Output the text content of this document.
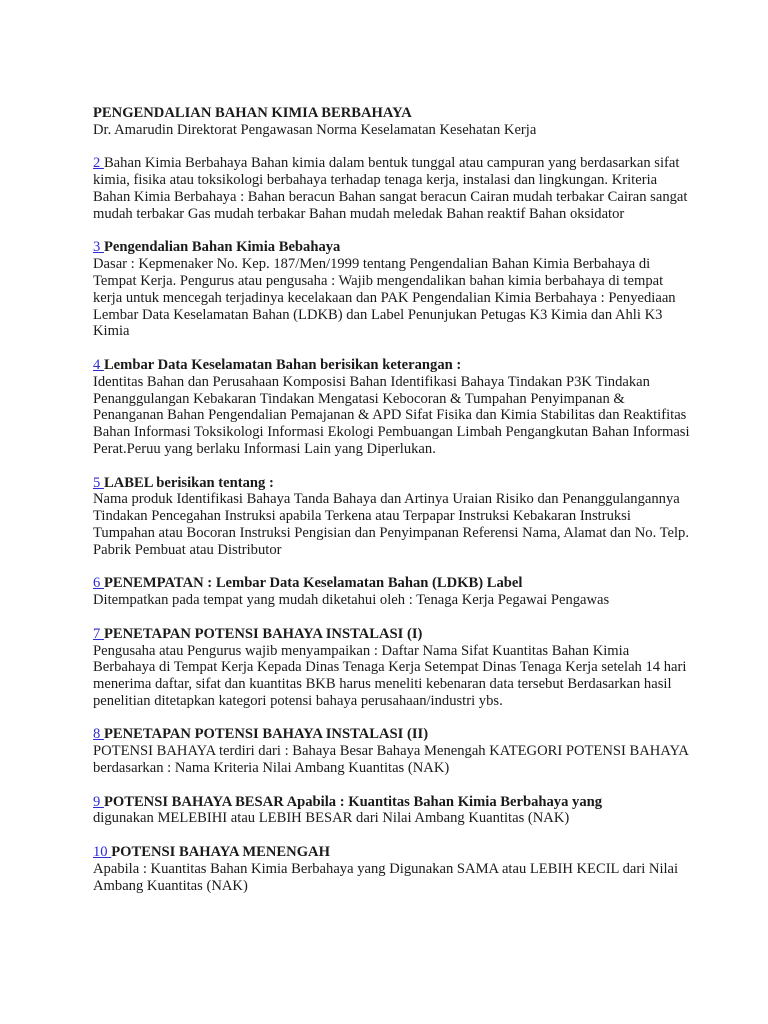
PENGENDALIAN BAHAN KIMIA BERBAHAYA

Dr. Amarudin Direktorat Pengawasan Norma Keselamatan Kesehatan Kerja

2 Bahan Kimia Berbahaya Bahan kimia dalam bentuk tunggal atau campuran yang berdasarkan sifat kimia, fisika atau toksikologi berbahaya terhadap tenaga kerja, instalasi dan lingkungan. Kriteria Bahan Kimia Berbahaya : Bahan beracun Bahan sangat beracun Cairan mudah terbakar Cairan sangat mudah terbakar Gas mudah terbakar Bahan mudah meledak Bahan reaktif Bahan oksidator

3 Pengendalian Bahan Kimia Bebahaya

Dasar : Kepmenaker No. Kep. 187/Men/1999 tentang Pengendalian Bahan Kimia Berbahaya di Tempat Kerja. Pengurus atau pengusaha : Wajib mengendalikan bahan kimia berbahaya di tempat kerja untuk mencegah terjadinya kecelakaan dan PAK Pengendalian Kimia Berbahaya : Penyediaan Lembar Data Keselamatan Bahan (LDKB) dan Label Penunjukan Petugas K3 Kimia dan Ahli K3 Kimia

4 Lembar Data Keselamatan Bahan berisikan keterangan :

Identitas Bahan dan Perusahaan Komposisi Bahan Identifikasi Bahaya Tindakan P3K Tindakan Penanggulangan Kebakaran Tindakan Mengatasi Kebocoran & Tumpahan Penyimpanan & Penanganan Bahan Pengendalian Pemajanan & APD Sifat Fisika dan Kimia Stabilitas dan Reaktifitas Bahan Informasi Toksikologi Informasi Ekologi Pembuangan Limbah Pengangkutan Bahan Informasi Perat.Peruu yang berlaku Informasi Lain yang Diperlukan.

5 LABEL berisikan tentang :

Nama produk Identifikasi Bahaya Tanda Bahaya dan Artinya Uraian Risiko dan Penanggulangannya Tindakan Pencegahan Instruksi apabila Terkena atau Terpapar Instruksi Kebakaran Instruksi Tumpahan atau Bocoran Instruksi Pengisian dan Penyimpanan Referensi Nama, Alamat dan No. Telp. Pabrik Pembuat atau Distributor

6 PENEMPATAN : Lembar Data Keselamatan Bahan (LDKB) Label

Ditempatkan pada tempat yang mudah diketahui oleh : Tenaga Kerja Pegawai Pengawas

7 PENETAPAN POTENSI BAHAYA INSTALASI (I)

Pengusaha atau Pengurus wajib menyampaikan : Daftar Nama Sifat Kuantitas Bahan Kimia Berbahaya di Tempat Kerja Kepada Dinas Tenaga Kerja Setempat Dinas Tenaga Kerja setelah 14 hari menerima daftar, sifat dan kuantitas BKB harus meneliti kebenaran data tersebut Berdasarkan hasil penelitian ditetapkan kategori potensi bahaya perusahaan/industri ybs.

8 PENETAPAN POTENSI BAHAYA INSTALASI (II)

POTENSI BAHAYA terdiri dari : Bahaya Besar Bahaya Menengah KATEGORI POTENSI BAHAYA berdasarkan : Nama Kriteria Nilai Ambang Kuantitas (NAK)

9 POTENSI BAHAYA BESAR Apabila : Kuantitas Bahan Kimia Berbahaya yang

digunakan MELEBIHI atau LEBIH BESAR dari Nilai Ambang Kuantitas (NAK)

10 POTENSI BAHAYA MENENGAH

Apabila : Kuantitas Bahan Kimia Berbahaya yang Digunakan SAMA atau LEBIH KECIL dari Nilai Ambang Kuantitas (NAK)
